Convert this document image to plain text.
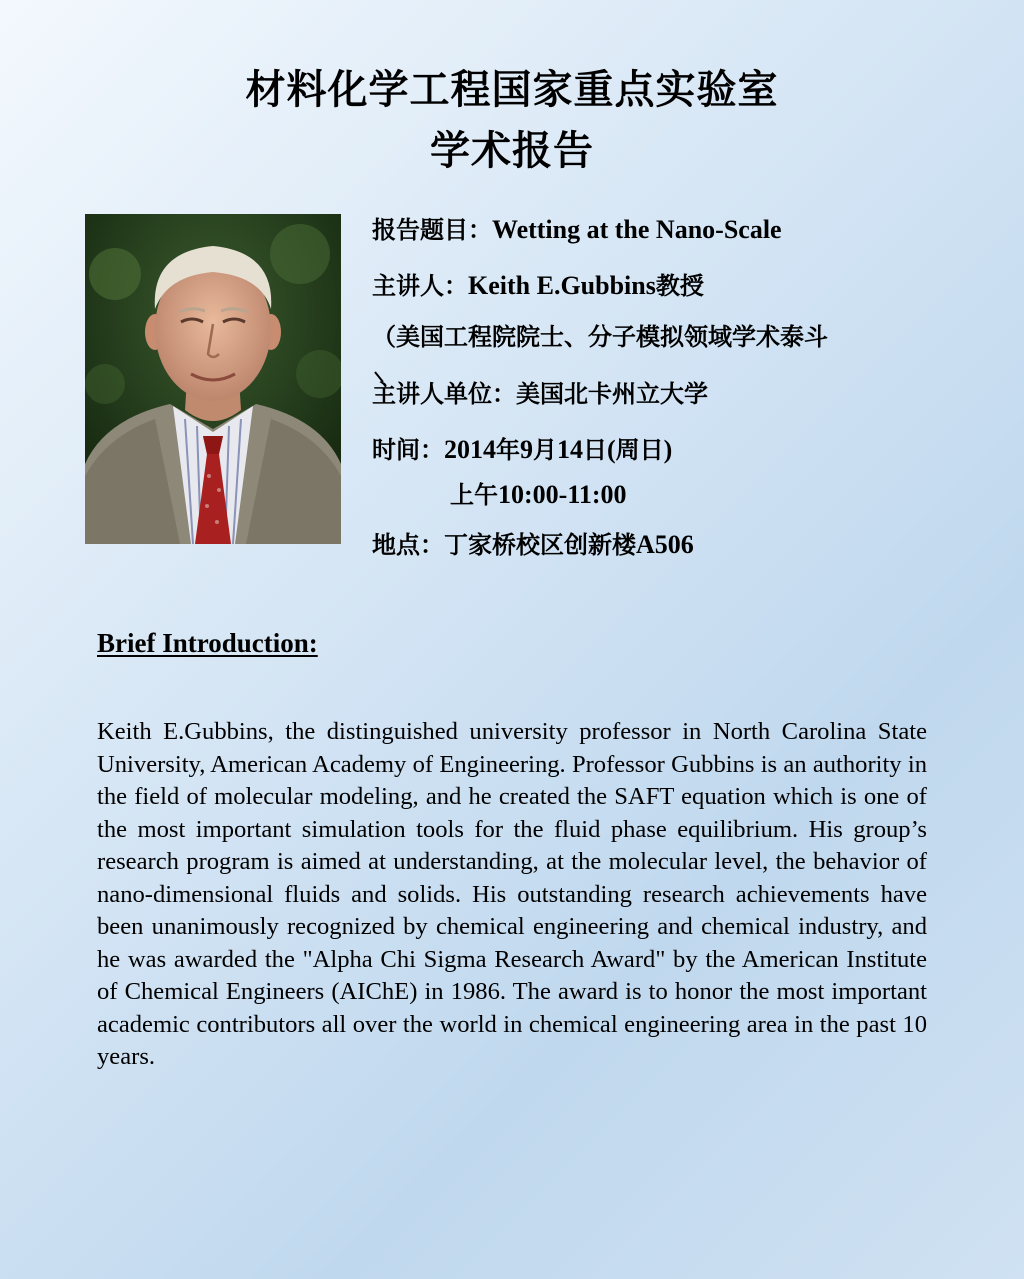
材料化学工程国家重点实验室
学术报告
报告题目：Wetting at the Nano-Scale
主讲人：Keith E.Gubbins教授
（美国工程院院士、分子模拟领域学术泰斗
主讲人单位：美国北卡州立大学
时间：2014年9月14日(周日)
上午10:00-11:00
地点：丁家桥校区创新楼A506
Brief Introduction:

Keith E.Gubbins, the distinguished university professor in North Carolina State University, American Academy of Engineering. Professor Gubbins is an authority in the field of molecular modeling, and he created the SAFT equation which is one of the most important simulation tools for the fluid phase equilibrium. His group’s research program is aimed at understanding, at the molecular level, the behavior of nano-dimensional fluids and solids. His outstanding research achievements have been unanimously recognized by chemical engineering and chemical industry, and he was awarded the "Alpha Chi Sigma Research Award" by the American Institute of Chemical Engineers (AIChE) in 1986. The award is to honor the most important academic contributors all over the world in chemical engineering area in the past 10 years.
